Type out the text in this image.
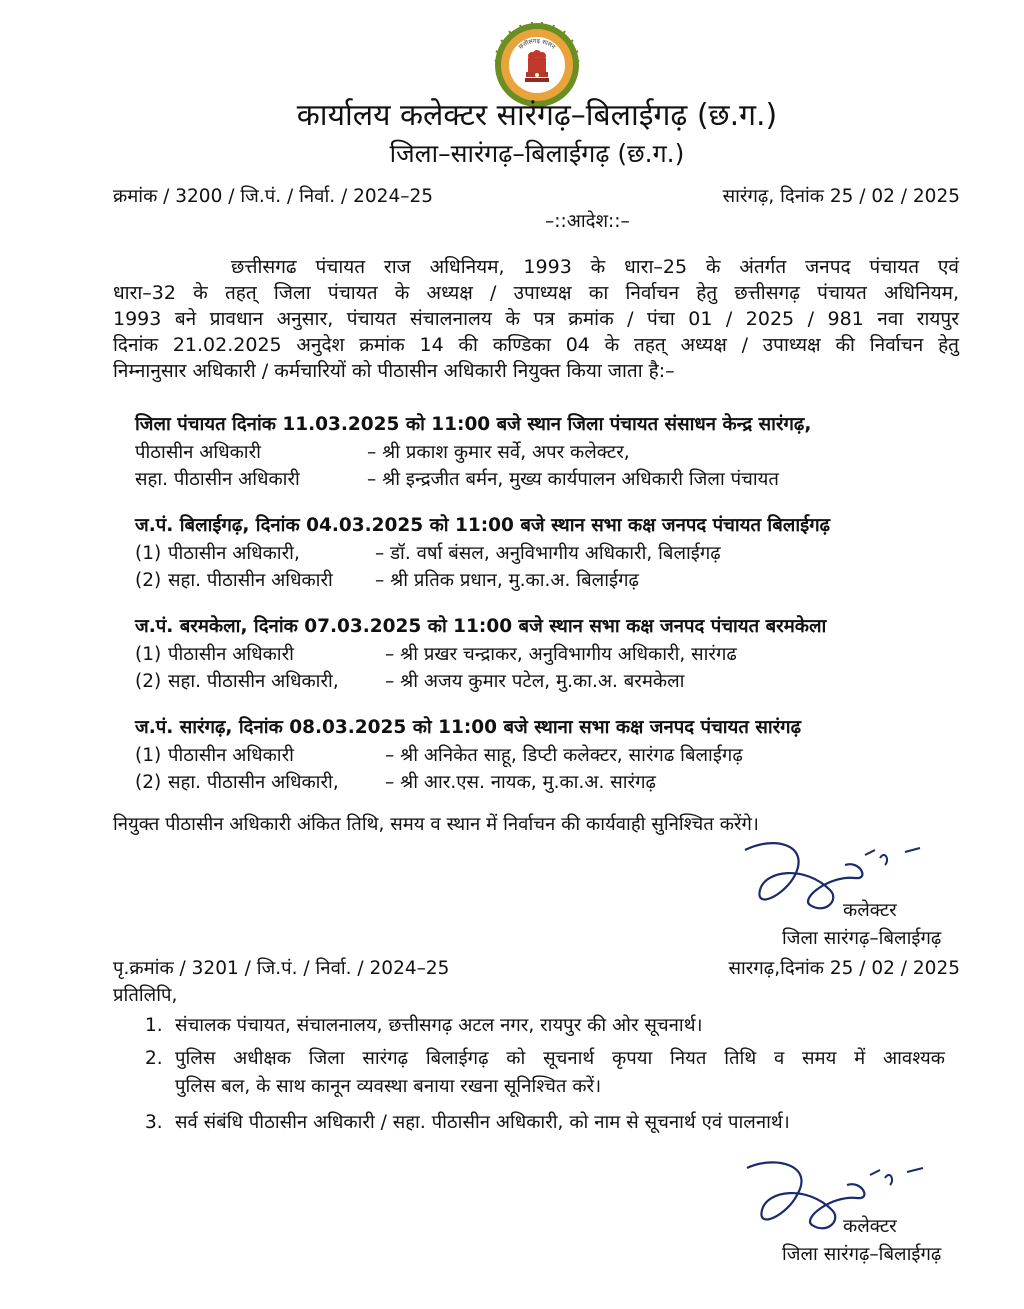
छत्तीसगढ़ शासन
कार्यालय कलेक्टर सारंगढ़–बिलाईगढ़ (छ.ग.)
जिला–सारंगढ़–बिलाईगढ़ (छ.ग.)
क्रमांक / 3200 / जि.पं. / निर्वा. / 2024–25	सारंगढ़, दिनांक 25 / 02 / 2025
–::आदेश::–
छत्तीसगढ पंचायत राज अधिनियम, 1993 के धारा–25 के अंतर्गत जनपद पंचायत एवं
धारा–32 के तहत् जिला पंचायत के अध्यक्ष / उपाध्यक्ष का निर्वाचन हेतु छत्तीसगढ़ पंचायत अधिनियम,
1993 बने प्रावधान अनुसार, पंचायत संचालनालय के पत्र क्रमांक / पंचा 01 / 2025 / 981 नवा रायपुर
दिनांक 21.02.2025 अनुदेश क्रमांक 14 की कण्डिका 04 के तहत् अध्यक्ष / उपाध्यक्ष की निर्वाचन हेतु
निम्नानुसार अधिकारी / कर्मचारियों को पीठासीन अधिकारी नियुक्त किया जाता है:–
जिला पंचायत दिनांक 11.03.2025 को 11:00 बजे स्थान जिला पंचायत संसाधन केन्द्र सारंगढ़,
पीठासीन अधिकारी	– श्री प्रकाश कुमार सर्वे, अपर कलेक्टर,
सहा. पीठासीन अधिकारी	– श्री इन्द्रजीत बर्मन, मुख्य कार्यपालन अधिकारी जिला पंचायत
ज.पं. बिलाईगढ़, दिनांक 04.03.2025 को 11:00 बजे स्थान सभा कक्ष जनपद पंचायत बिलाईगढ़
(1) पीठासीन अधिकारी,	– डॉ. वर्षा बंसल, अनुविभागीय अधिकारी, बिलाईगढ़
(2) सहा. पीठासीन अधिकारी – श्री प्रतिक प्रधान, मु.का.अ. बिलाईगढ़
ज.पं. बरमकेला, दिनांक 07.03.2025 को 11:00 बजे स्थान सभा कक्ष जनपद पंचायत बरमकेला
(1) पीठासीन अधिकारी	– श्री प्रखर चन्द्राकर, अनुविभागीय अधिकारी, सारंगढ
(2) सहा. पीठासीन अधिकारी,	– श्री अजय कुमार पटेल, मु.का.अ. बरमकेला
ज.पं. सारंगढ़, दिनांक 08.03.2025 को 11:00 बजे स्थाना सभा कक्ष जनपद पंचायत सारंगढ़
(1) पीठासीन अधिकारी	– श्री अनिकेत साहू, डिप्टी कलेक्टर, सारंगढ बिलाईगढ़
(2) सहा. पीठासीन अधिकारी,	– श्री आर.एस. नायक, मु.का.अ. सारंगढ़
नियुक्त पीठासीन अधिकारी अंकित तिथि, समय व स्थान में निर्वाचन की कार्यवाही सुनिश्चित करेंगे।
कलेक्टर
जिला सारंगढ़–बिलाईगढ़
पृ.क्रमांक / 3201 / जि.पं. / निर्वा. / 2024–25	सारगढ़,दिनांक 25 / 02 / 2025
प्रतिलिपि,
1. संचालक पंचायत, संचालनालय, छत्तीसगढ़ अटल नगर, रायपुर की ओर सूचनार्थ।
2. पुलिस अधीक्षक जिला सारंगढ़ बिलाईगढ़ को सूचनार्थ कृपया नियत तिथि व समय में आवश्यक
पुलिस बल, के साथ कानून व्यवस्था बनाया रखना सूनिश्चित करें।
3. सर्व संबंधि पीठासीन अधिकारी / सहा. पीठासीन अधिकारी, को नाम से सूचनार्थ एवं पालनार्थ।
कलेक्टर
जिला सारंगढ़–बिलाईगढ़
